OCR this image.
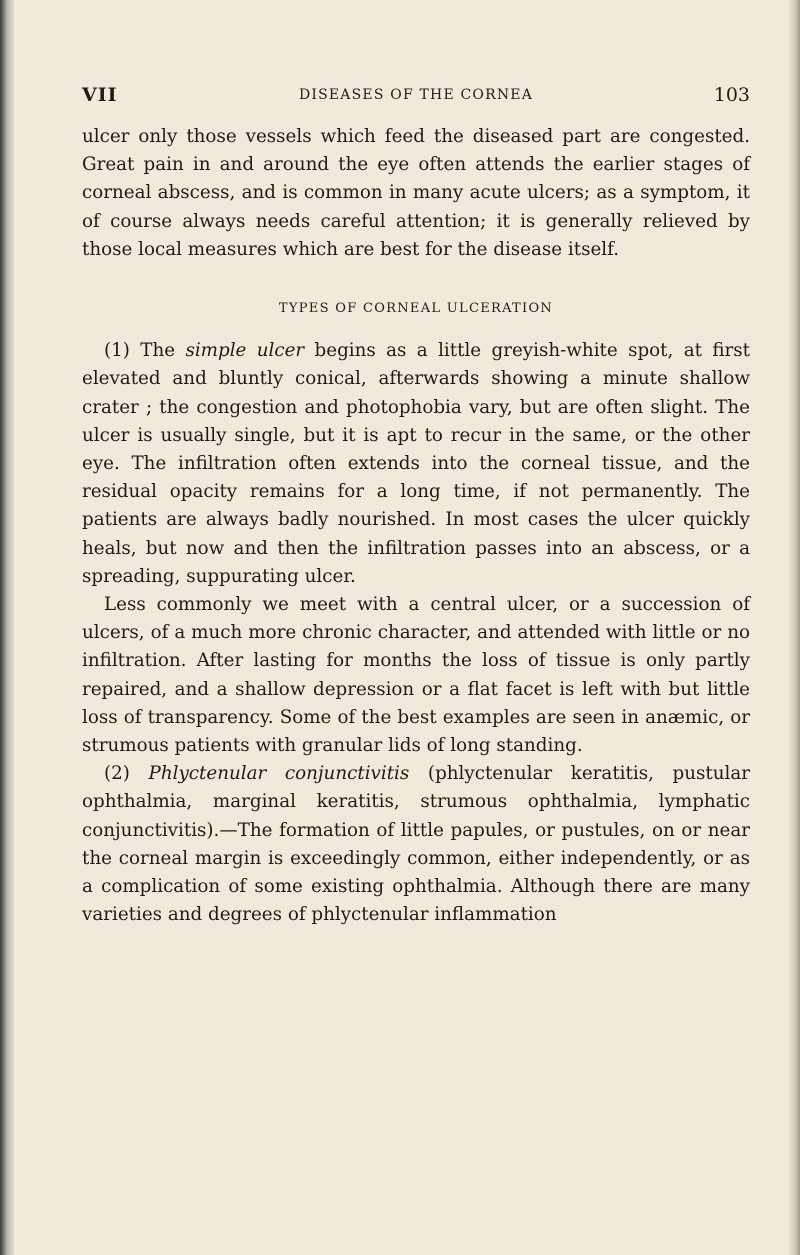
VII	DISEASES OF THE CORNEA	103

ulcer only those vessels which feed the diseased part are congested. Great pain in and around the eye often attends the earlier stages of corneal abscess, and is common in many acute ulcers; as a symptom, it of course always needs careful attention; it is generally relieved by those local measures which are best for the disease itself.

TYPES OF CORNEAL ULCERATION

(1) The simple ulcer begins as a little greyish-white spot, at first elevated and bluntly conical, afterwards showing a minute shallow crater ; the congestion and photophobia vary, but are often slight. The ulcer is usually single, but it is apt to recur in the same, or the other eye. The infiltration often extends into the corneal tissue, and the residual opacity remains for a long time, if not permanently. The patients are always badly nourished. In most cases the ulcer quickly heals, but now and then the infiltration passes into an abscess, or a spreading, suppurating ulcer.

Less commonly we meet with a central ulcer, or a succession of ulcers, of a much more chronic character, and attended with little or no infiltration. After lasting for months the loss of tissue is only partly repaired, and a shallow depression or a flat facet is left with but little loss of transparency. Some of the best examples are seen in anæmic, or strumous patients with granular lids of long standing.

(2) Phlyctenular conjunctivitis (phlyctenular keratitis, pustular ophthalmia, marginal keratitis, strumous ophthalmia, lymphatic conjunctivitis).—The formation of little papules, or pustules, on or near the corneal margin is exceedingly common, either independently, or as a complication of some existing ophthalmia. Although there are many varieties and degrees of phlyctenular inflammation
